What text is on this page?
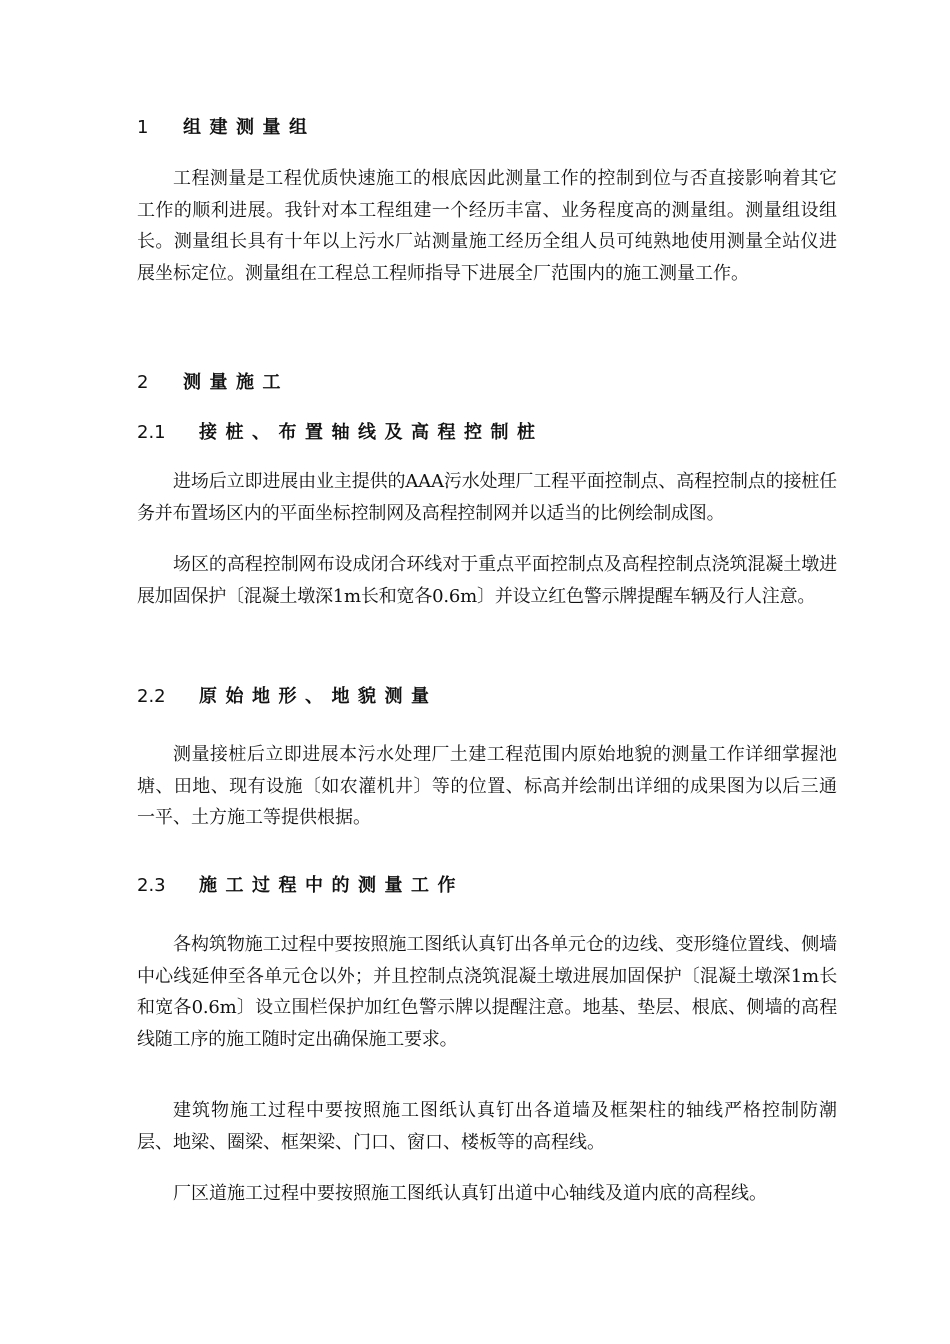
1 组建测量组

工程测量是工程优质快速施工的根底因此测量工作的控制到位与否直接影响着其它工作的顺利进展。我针对本工程组建一个经历丰富、业务程度高的测量组。测量组设组长。测量组长具有十年以上污水厂站测量施工经历全组人员可纯熟地使用测量全站仪进展坐标定位。测量组在工程总工程师指导下进展全厂范围内的施工测量工作。

2 测量施工
2.1 接桩、布置轴线及高程控制桩

进场后立即进展由业主提供的AAA污水处理厂工程平面控制点、高程控制点的接桩任务并布置场区内的平面坐标控制网及高程控制网并以适当的比例绘制成图。

场区的高程控制网布设成闭合环线对于重点平面控制点及高程控制点浇筑混凝土墩进展加固保护〔混凝土墩深1m长和宽各0.6m〕并设立红色警示牌提醒车辆及行人注意。

2.2 原始地形、地貌测量

测量接桩后立即进展本污水处理厂土建工程范围内原始地貌的测量工作详细掌握池塘、田地、现有设施〔如农灌机井〕等的位置、标高并绘制出详细的成果图为以后三通一平、土方施工等提供根据。

2.3 施工过程中的测量工作

各构筑物施工过程中要按照施工图纸认真钉出各单元仓的边线、变形缝位置线、侧墙中心线延伸至各单元仓以外；并且控制点浇筑混凝土墩进展加固保护〔混凝土墩深1m长和宽各0.6m〕设立围栏保护加红色警示牌以提醒注意。地基、垫层、根底、侧墙的高程线随工序的施工随时定出确保施工要求。

建筑物施工过程中要按照施工图纸认真钉出各道墙及框架柱的轴线严格控制防潮层、地梁、圈梁、框架梁、门口、窗口、楼板等的高程线。

厂区道施工过程中要按照施工图纸认真钉出道中心轴线及道内底的高程线。
